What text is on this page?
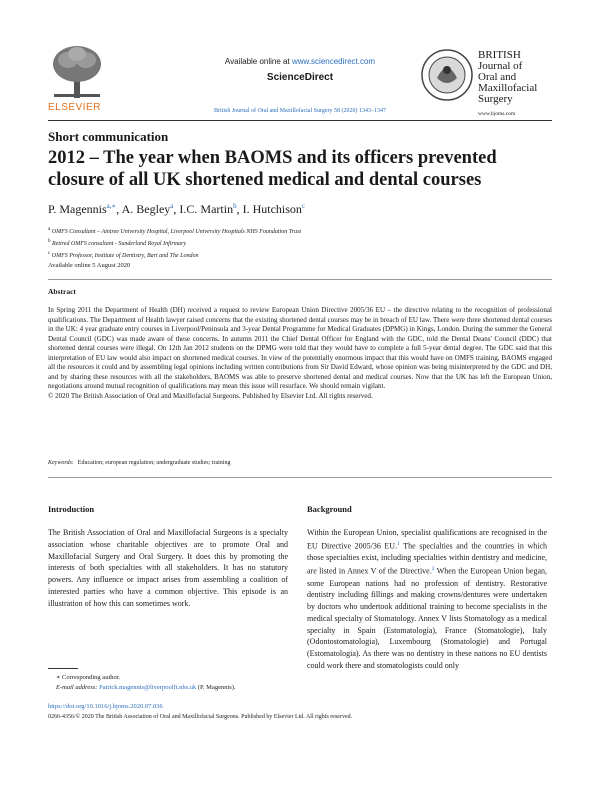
ELSEVIER
Available online at www.sciencedirect.com
ScienceDirect
British Journal of Oral and Maxillofacial Surgery 58 (2020) 1343–1347
BRITISH
Journal of
Oral and
Maxillofacial
Surgery
www.bjoms.com
Short communication
2012 – The year when BAOMS and its officers prevented closure of all UK shortened medical and dental courses
P. Magennis$^{a,∗}$, A. Begley$^a$, I.C. Martin$^b$, I. Hutchison$^c$
$^a$ OMFS Consultant – Aintree University Hospital, Liverpool University Hospitals NHS Foundation Trust
$^b$ Retired OMFS consultant - Sunderland Royal Infirmary
$^c$ OMFS Professor, Institute of Dentistry, Bart and The London
Available online 5 August 2020
Abstract
In Spring 2011 the Department of Health (DH) received a request to review European Union Directive 2005/36 EU – the directive relating to the recognition of professional qualifications. The Department of Health lawyer raised concerns that the existing shortened dental courses may be in breach of EU law. There were three shortened dental courses in the UK: 4 year graduate entry courses in Liverpool/Peninsula and 3-year Dental Programme for Medical Graduates (DPMG) in Kings, London. During the summer the General Dental Council (GDC) was made aware of these concerns. In autumn 2011 the Chief Dental Officer for England with the GDC, told the Dental Deans' Council (DDC) that shortened dental courses were illegal. On 12th Jan 2012 students on the DPMG were told that they would have to complete a full 5-year dental degree. The GDC said that this interpretation of EU law would also impact on shortened medical courses. In view of the potentially enormous impact that this would have on OMFS training, BAOMS engaged all the resources it could and by assembling legal opinions including written contributions from Sir David Edward, whose opinion was being misinterpreted by the GDC and DH, and by sharing these resources with all the stakeholders, BAOMS was able to preserve shortened dental and medical courses. Now that the UK has left the European Union, negotiations around mutual recognition of qualifications may mean this issue will resurface. We should remain vigilant.
© 2020 The British Association of Oral and Maxillofacial Surgeons. Published by Elsevier Ltd. All rights reserved.
Keywords: Education; european regulation; undergraduate studies; training
Introduction
The British Association of Oral and Maxillofacial Surgeons is a specialty association whose charitable objectives are to promote Oral and Maxillofacial Surgery and Oral Surgery. It does this by promoting the interests of both specialties with all stakeholders. It has no statutory powers. Any influence or impact arises from assembling a coalition of interested parties who have a common objective. This episode is an illustration of how this can sometimes work.
Background
Within the European Union, specialist qualifications are recognised in the EU Directive 2005/36 EU.$^1$ The specialties and the countries in which those specialties exist, including specialties within dentistry and medicine, are listed in Annex V of the Directive.$^2$ When the European Union began, some European nations had no profession of dentistry. Restorative dentistry including fillings and making crowns/dentures were undertaken by doctors who undertook additional training to become specialists in the medical specialty of Stomatology. Annex V lists Stomatology as a medical specialty in Spain (Estomatología), France (Stomatologie), Italy (Odontostomatologia), Luxembourg (Stomatologie) and Portugal (Estomatologia). As there was no dentistry in these nations no EU dentists could work there and stomatologists could only
∗ Corresponding author.
E-mail address: Patrick.magennis@liverpoolft.nhs.uk (P. Magennis).
https://doi.org/10.1016/j.bjoms.2020.07.036
0266-4356/© 2020 The British Association of Oral and Maxillofacial Surgeons. Published by Elsevier Ltd. All rights reserved.
